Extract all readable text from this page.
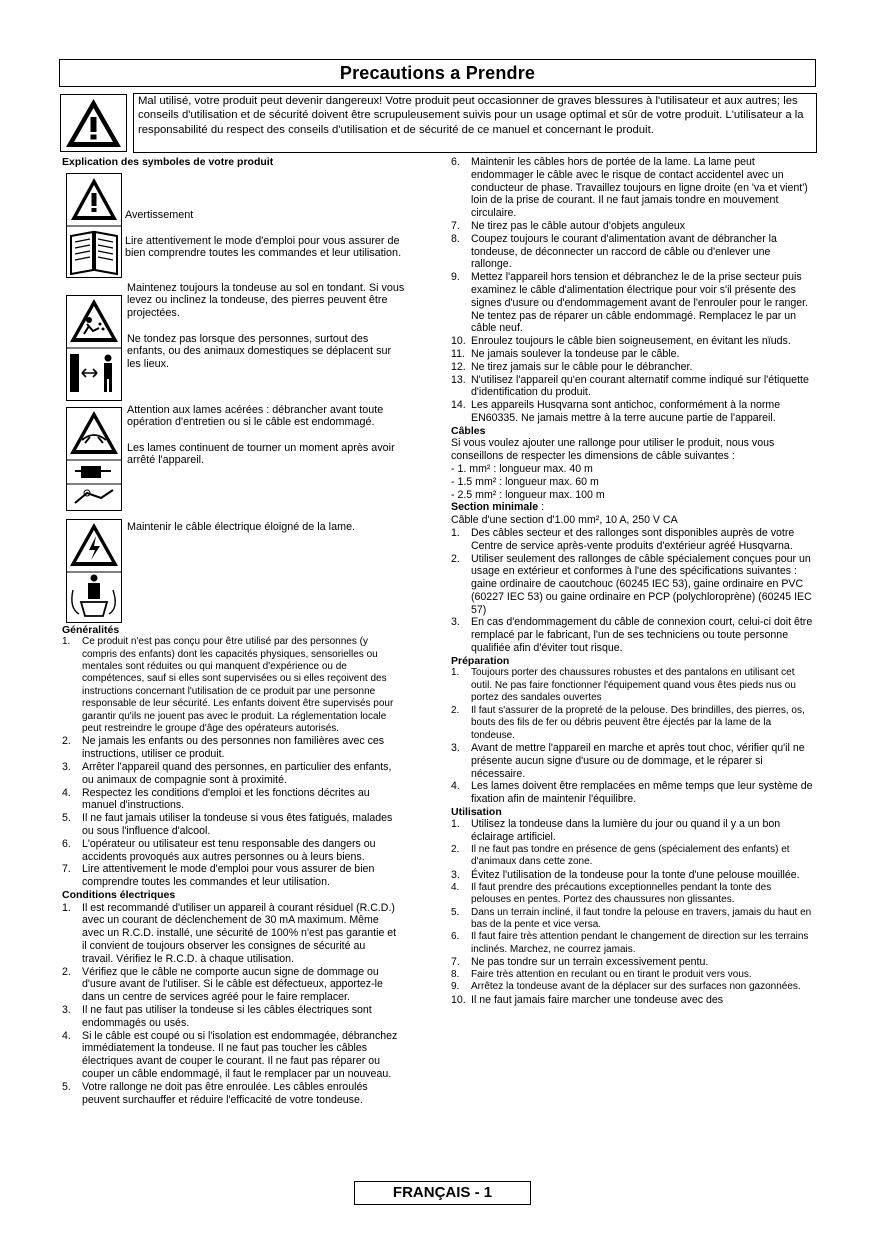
Precautions a Prendre
Mal utilisé, votre produit peut devenir dangereux! Votre produit peut occasionner de graves blessures à l'utilisateur et aux autres; les conseils d'utilisation et de sécurité doivent être scrupuleusement suivis pour un usage optimal et sûr de votre produit. L'utilisateur a la responsabilité du respect des conseils d'utilisation et de sécurité de ce manuel et concernant le produit.
Explication des symboles de votre produit
Avertissement
Lire attentivement le mode d'emploi pour vous assurer de bien comprendre toutes les commandes et leur utilisation.
Maintenez toujours la tondeuse au sol en tondant. Si vous levez ou inclinez la tondeuse, des pierres peuvent être projectées.
Ne tondez pas lorsque des personnes, surtout des enfants, ou des animaux domestiques se déplacent sur les lieux.
Attention aux lames acérées : débrancher avant toute opération d'entretien ou si le câble est endommagé.
Les lames continuent de tourner un moment après avoir arrêté l'appareil.
Maintenir le câble électrique éloigné de la lame.
Généralités
1. Ce produit n'est pas conçu pour être utilisé par des personnes (y compris des enfants) dont les capacités physiques, sensorielles ou mentales sont réduites ou qui manquent d'expérience ou de compétences, sauf si elles sont supervisées ou si elles reçoivent des instructions concernant l'utilisation de ce produit par une personne responsable de leur sécurité. Les enfants doivent être supervisés pour garantir qu'ils ne jouent pas avec le produit. La réglementation locale peut restreindre le groupe d'âge des opérateurs autorisés.
2. Ne jamais les enfants ou des personnes non familières avec ces instructions, utiliser ce produit.
3. Arrêter l'appareil quand des personnes, en particulier des enfants, ou animaux de compagnie sont à proximité.
4. Respectez les conditions d'emploi et les fonctions décrites au manuel d'instructions.
5. Il ne faut jamais utiliser la tondeuse si vous êtes fatigués, malades ou sous l'influence d'alcool.
6. L'opérateur ou utilisateur est tenu responsable des dangers ou accidents provoqués aux autres personnes ou à leurs biens.
7. Lire attentivement le mode d'emploi pour vous assurer de bien comprendre toutes les commandes et leur utilisation.
Conditions électriques
1. Il est recommandé d'utiliser un appareil à courant résiduel (R.C.D.) avec un courant de déclenchement de 30 mA maximum. Même avec un R.C.D. installé, une sécurité de 100% n'est pas garantie et il convient de toujours observer les consignes de sécurité au travail. Vérifiez le R.C.D. à chaque utilisation.
2. Vérifiez que le câble ne comporte aucun signe de dommage ou d'usure avant de l'utiliser. Si le câble est défectueux, apportez-le dans un centre de services agréé pour le faire remplacer.
3. Il ne faut pas utiliser la tondeuse si les câbles électriques sont endommagés ou usés.
4. Si le câble est coupé ou si l'isolation est endommagée, débranchez immédiatement la tondeuse. Il ne faut pas toucher les câbles électriques avant de couper le courant. Il ne faut pas réparer ou couper un câble endommagé, il faut le remplacer par un nouveau.
5. Votre rallonge ne doit pas être enroulée. Les câbles enroulés peuvent surchauffer et réduire l'efficacité de votre tondeuse.
6. Maintenir les câbles hors de portée de la lame. La lame peut endommager le câble avec le risque de contact accidentel avec un conducteur de phase. Travaillez toujours en ligne droite (en 'va et vient') loin de la prise de courant. Il ne faut jamais tondre en mouvement circulaire.
7. Ne tirez pas le câble autour d'objets anguleux
8. Coupez toujours le courant d'alimentation avant de débrancher la tondeuse, de déconnecter un raccord de câble ou d'enlever une rallonge.
9. Mettez l'appareil hors tension et débranchez le de la prise secteur puis examinez le câble d'alimentation électrique pour voir s'il présente des signes d'usure ou d'endommagement avant de l'enrouler pour le ranger. Ne tentez pas de réparer un câble endommagé. Remplacez le par un câble neuf.
10. Enroulez toujours le câble bien soigneusement, en évitant les nïuds.
11. Ne jamais soulever la tondeuse par le câble.
12. Ne tirez jamais sur le câble pour le débrancher.
13. N'utilisez l'appareil qu'en courant alternatif comme indiqué sur l'étiquette d'identification du produit.
14. Les appareils Husqvarna sont antichoc, conformément à la norme EN60335. Ne jamais mettre à la terre aucune partie de l'appareil.
Câbles

Si vous voulez ajouter une rallonge pour utiliser le produit, nous vous conseillons de respecter les dimensions de câble suivantes :

- 1. mm² : longueur max. 40 m

- 1.5 mm² : longueur max. 60 m

- 2.5 mm² : longueur max. 100 m

Section minimale :

Câble d'une section d'1.00 mm², 10 A, 250 V CA

1. Des câbles secteur et des rallonges sont disponibles auprès de votre Centre de service après-vente produits d'extérieur agréé Husqvarna.
2. Utiliser seulement des rallonges de câble spécialement conçues pour un usage en extérieur et conformes à l'une des spécifications suivantes : gaine ordinaire de caoutchouc (60245 IEC 53), gaine ordinaire en PVC (60227 IEC 53) ou gaine ordinaire en PCP (polychloroprène) (60245 IEC 57)
3. En cas d'endommagement du câble de connexion court, celui-ci doit être remplacé par le fabricant, l'un de ses techniciens ou toute personne qualifiée afin d'éviter tout risque.
Préparation
1. Toujours porter des chaussures robustes et des pantalons en utilisant cet outil. Ne pas faire fonctionner l'équipement quand vous êtes pieds nus ou portez des sandales ouvertes
2. Il faut s'assurer de la propreté de la pelouse. Des brindilles, des pierres, os, bouts des fils de fer ou débris peuvent être éjectés par la lame de la tondeuse.
3. Avant de mettre l'appareil en marche et après tout choc, vérifier qu'il ne présente aucun signe d'usure ou de dommage, et le réparer si nécessaire.
4. Les lames doivent être remplacées en même temps que leur système de fixation afin de maintenir l'équilibre.
Utilisation
1. Utilisez la tondeuse dans la lumière du jour ou quand il y a un bon éclairage artificiel.
2. Il ne faut pas tondre en présence de gens (spécialement des enfants) et d'animaux dans cette zone.
3. Évitez l'utilisation de la tondeuse pour la tonte d'une pelouse mouillée.
4. Il faut prendre des précautions exceptionnelles pendant la tonte des pelouses en pentes. Portez des chaussures non glissantes.
5. Dans un terrain incliné, il faut tondre la pelouse en travers, jamais du haut en bas de la pente et vice versa.
6. Il faut faire très attention pendant le changement de direction sur les terrains inclinés. Marchez, ne courrez jamais.
7. Ne pas tondre sur un terrain excessivement pentu.
8. Faire très attention en reculant ou en tirant le produit vers vous.
9. Arrêtez la tondeuse avant de la déplacer sur des surfaces non gazonnées.
10. Il ne faut jamais faire marcher une tondeuse avec des
FRANÇAIS - 1
